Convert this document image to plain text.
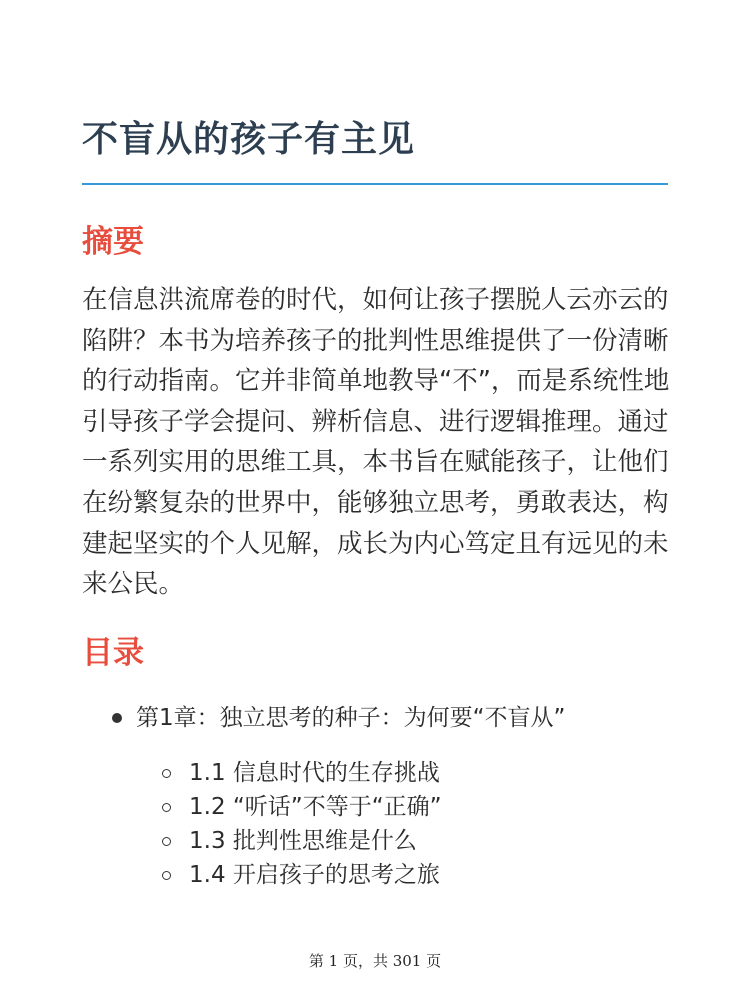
不盲从的孩子有主见
摘要

在信息洪流席卷的时代，如何让孩子摆脱人云亦云的陷阱？本书为培养孩子的批判性思维提供了一份清晰的行动指南。它并非简单地教导“不”，而是系统性地引导孩子学会提问、辨析信息、进行逻辑推理。通过一系列实用的思维工具，本书旨在赋能孩子，让他们在纷繁复杂的世界中，能够独立思考，勇敢表达，构建起坚实的个人见解，成长为内心笃定且有远见的未来公民。

目录
第1章：独立思考的种子：为何要“不盲从”
1.1 信息时代的生存挑战
1.2 “听话”不等于“正确”
1.3 批判性思维是什么
1.4 开启孩子的思考之旅
第 1 页，共 301 页
